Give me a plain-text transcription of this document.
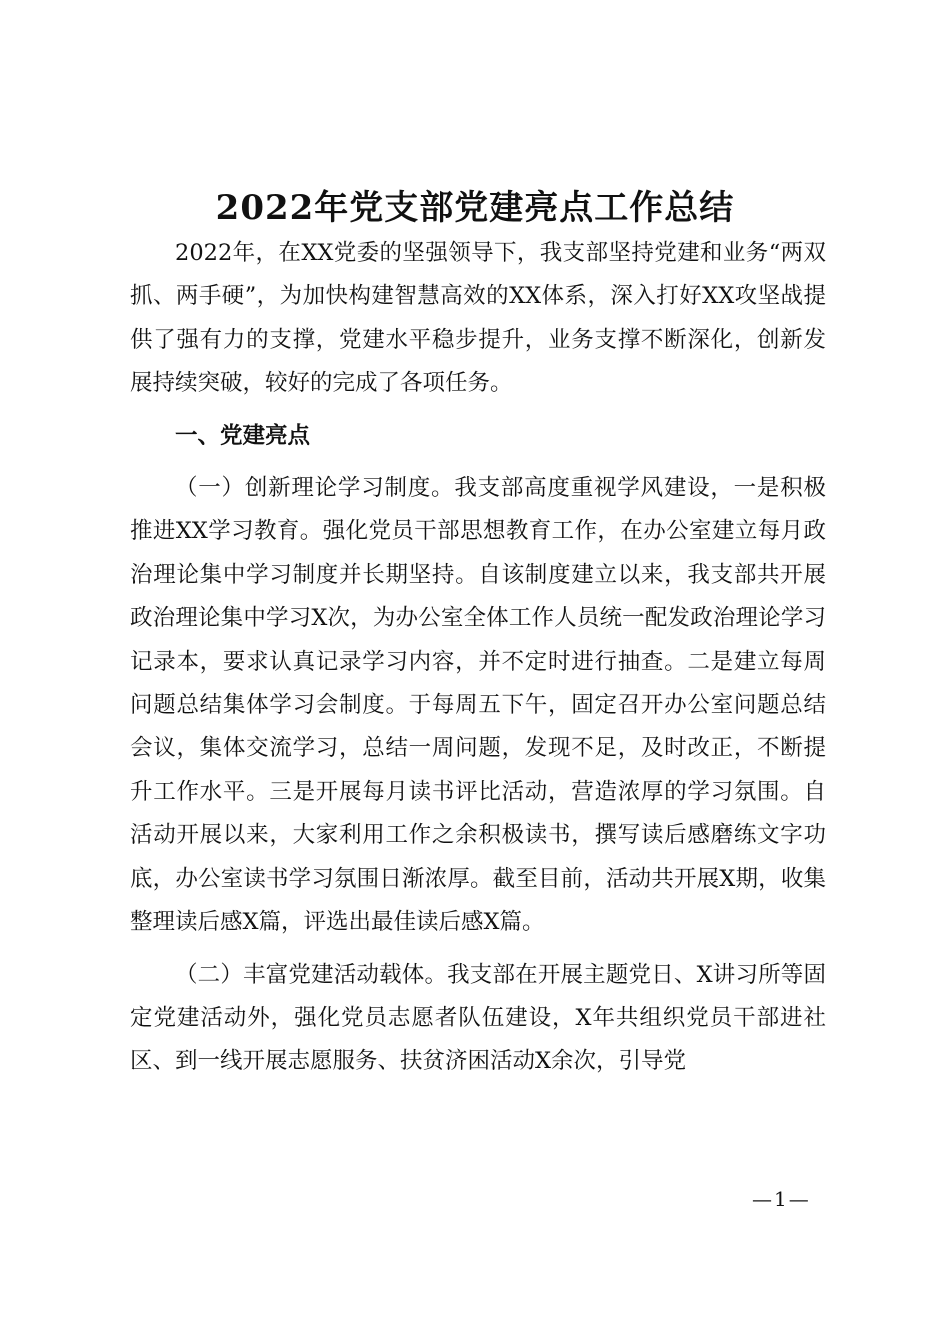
2022年党支部党建亮点工作总结

2022年，在XX党委的坚强领导下，我支部坚持党建和业务“两双抓、两手硬”，为加快构建智慧高效的XX体系，深入打好XX攻坚战提供了强有力的支撑，党建水平稳步提升，业务支撑不断深化，创新发展持续突破，较好的完成了各项任务。

一、党建亮点

（一）创新理论学习制度。我支部高度重视学风建设，一是积极推进XX学习教育。强化党员干部思想教育工作，在办公室建立每月政治理论集中学习制度并长期坚持。自该制度建立以来，我支部共开展政治理论集中学习X次，为办公室全体工作人员统一配发政治理论学习记录本，要求认真记录学习内容，并不定时进行抽查。二是建立每周问题总结集体学习会制度。于每周五下午，固定召开办公室问题总结会议，集体交流学习，总结一周问题，发现不足，及时改正，不断提升工作水平。三是开展每月读书评比活动，营造浓厚的学习氛围。自活动开展以来，大家利用工作之余积极读书，撰写读后感磨练文字功底，办公室读书学习氛围日渐浓厚。截至目前，活动共开展X期，收集整理读后感X篇，评选出最佳读后感X篇。

（二）丰富党建活动载体。我支部在开展主题党日、X讲习所等固定党建活动外，强化党员志愿者队伍建设，X年共组织党员干部进社区、到一线开展志愿服务、扶贫济困活动X余次，引导党

—1—
